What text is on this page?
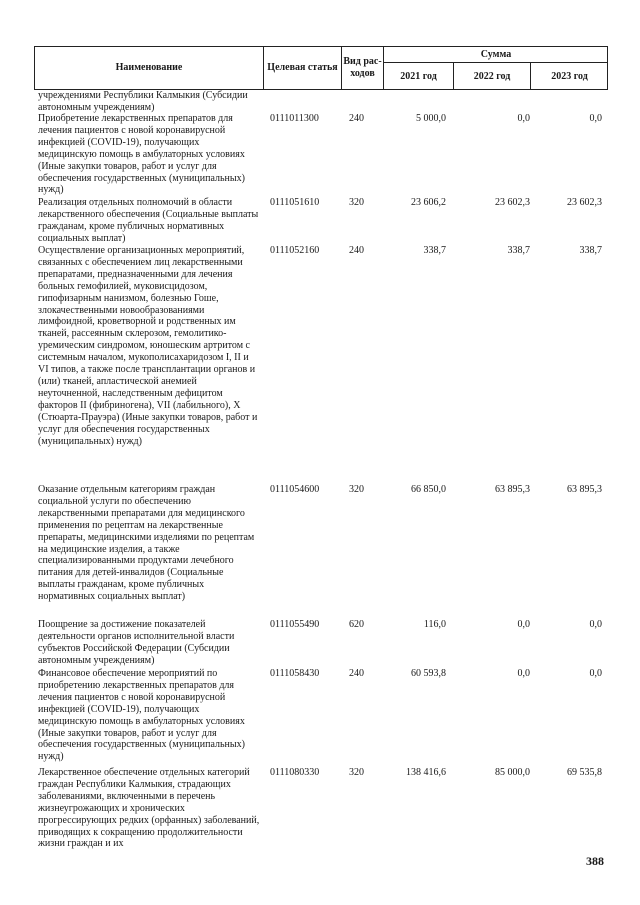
Наименование	Целевая статья
Вид рас-ходов
Сумма
2021 год	2022 год	2023 год
учреждениями Республики Калмыкия (Субсидии автономным учреждениям)
Приобретение лекарственных препаратов для лечения пациентов с новой коронавирусной инфекцией (COVID-19), получающих медицинскую помощь в амбулаторных условиях (Иные закупки товаров, работ и услуг для обеспечения государственных (муниципальных) нужд)
0111011300	240	5 000,0	0,0	0,0
Реализация отдельных полномочий в области лекарственного обеспечения (Социальные выплаты гражданам, кроме публичных нормативных социальных выплат)
0111051610	320	23 606,2	23 602,3	23 602,3
Осуществление организационных мероприятий, связанных с обеспечением лиц лекарственными препаратами, предназначенными для лечения больных гемофилией, муковисцидозом, гипофизарным нанизмом, болезнью Гоше, злокачественными новообразованиями лимфоидной, кроветворной и родственных им тканей, рассеянным склерозом, гемолитико-уремическим синдромом, юношеским артритом с системным началом, мукополисахаридозом I, II и VI типов, а также после трансплантации органов и (или) тканей, апластической анемией неуточненной, наследственным дефицитом факторов II (фибриногена), VII (лабильного), X (Стюарта-Прауэра) (Иные закупки товаров, работ и услуг для обеспечения государственных (муниципальных) нужд)
0111052160	240	338,7	338,7	338,7
Оказание отдельным категориям граждан социальной услуги по обеспечению лекарственными препаратами для медицинского применения по рецептам на лекарственные препараты, медицинскими изделиями по рецептам на медицинские изделия, а также специализированными продуктами лечебного питания для детей-инвалидов (Социальные выплаты гражданам, кроме публичных нормативных социальных выплат)
0111054600	320	66 850,0	63 895,3	63 895,3
Поощрение за достижение показателей деятельности органов исполнительной власти субъектов Российской Федерации (Субсидии автономным учреждениям)
0111055490	620	116,0	0,0	0,0
Финансовое обеспечение мероприятий по приобретению лекарственных препаратов для лечения пациентов с новой коронавирусной инфекцией (COVID-19), получающих медицинскую помощь в амбулаторных условиях (Иные закупки товаров, работ и услуг для обеспечения государственных (муниципальных) нужд)
0111058430	240	60 593,8	0,0	0,0
Лекарственное обеспечение отдельных категорий граждан Республики Калмыкия, страдающих заболеваниями, включенными в перечень жизнеугрожающих и хронических прогрессирующих редких (орфанных) заболеваний, приводящих к сокращению продолжительности жизни граждан и их
0111080330	320	138 416,6	85 000,0	69 535,8
388
